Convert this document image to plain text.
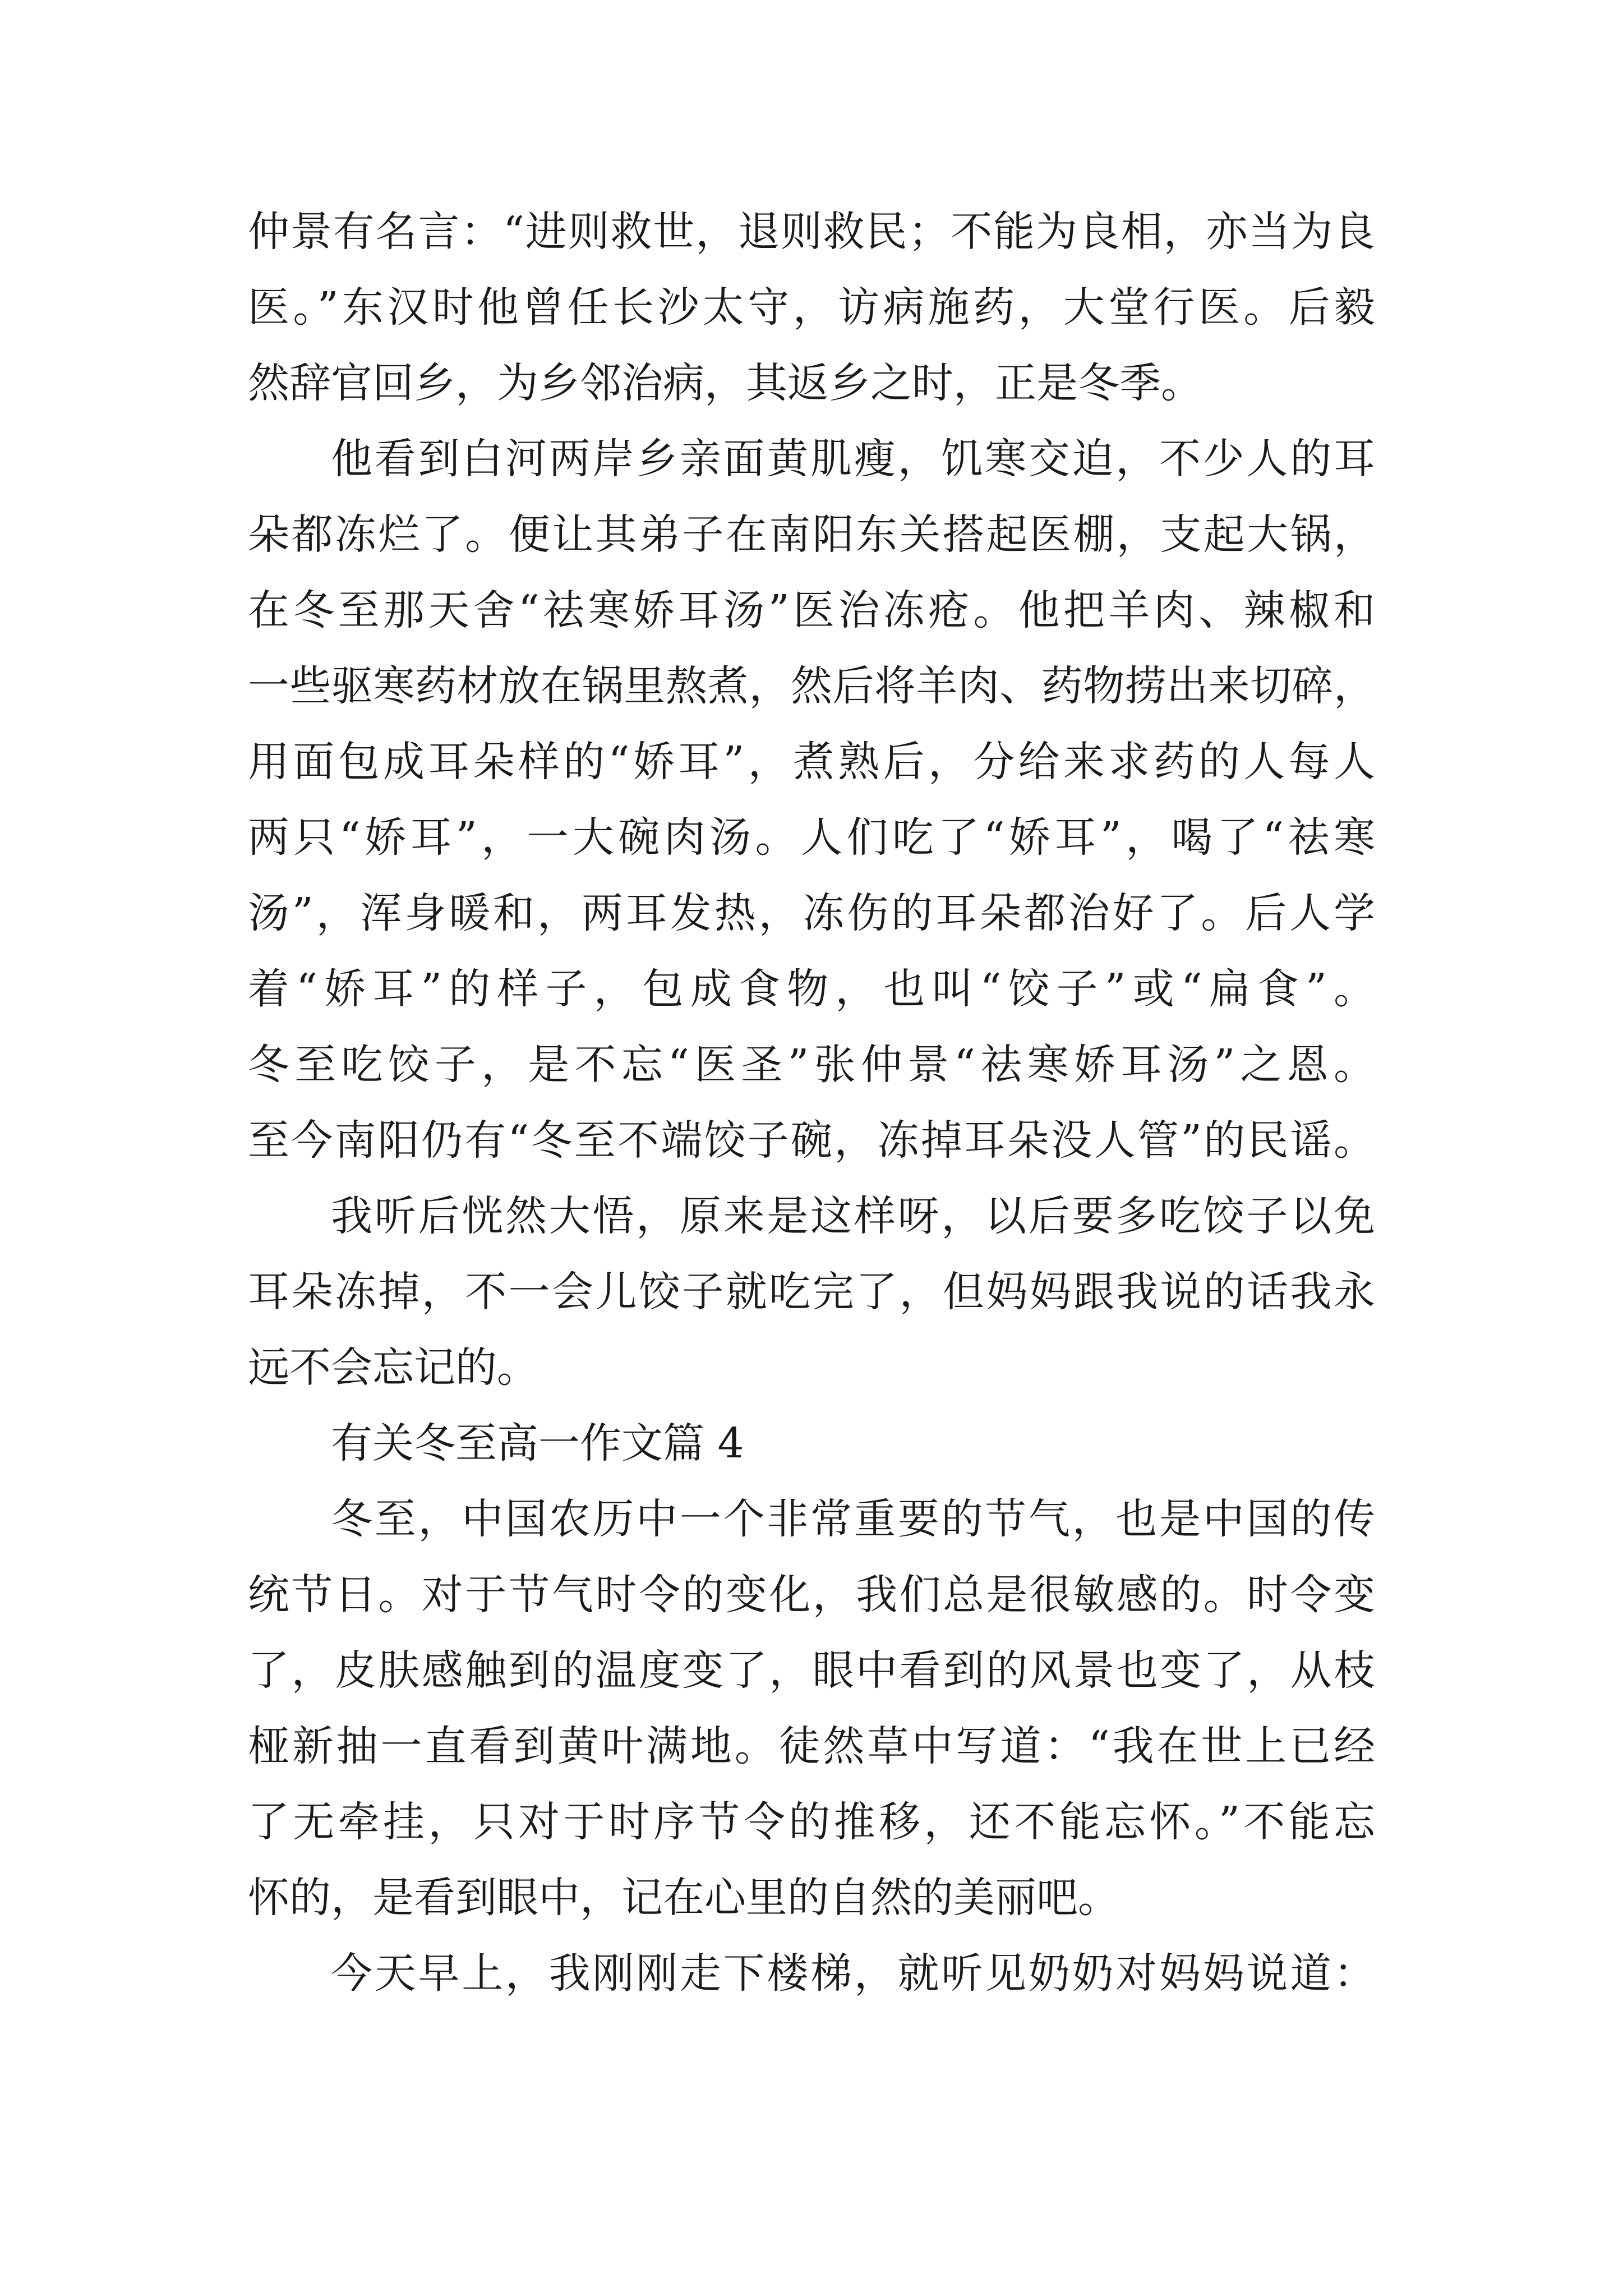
仲景有名言：“进则救世，退则救民；不能为良相，亦当为良
医。”东汉时他曾任长沙太守，访病施药，大堂行医。后毅
然辞官回乡，为乡邻治病，其返乡之时，正是冬季。
他看到白河两岸乡亲面黄肌瘦，饥寒交迫，不少人的耳
朵都冻烂了。便让其弟子在南阳东关搭起医棚，支起大锅，
在冬至那天舍“祛寒娇耳汤”医治冻疮。他把羊肉、辣椒和
一些驱寒药材放在锅里熬煮，然后将羊肉、药物捞出来切碎，
用面包成耳朵样的“娇耳”，煮熟后，分给来求药的人每人
两只“娇耳”，一大碗肉汤。人们吃了“娇耳”，喝了“祛寒
汤”，浑身暖和，两耳发热，冻伤的耳朵都治好了。后人学
着“娇耳”的样子，包成食物，也叫“饺子”或“扁食”。
冬至吃饺子，是不忘“医圣”张仲景“祛寒娇耳汤”之恩。
至今南阳仍有“冬至不端饺子碗，冻掉耳朵没人管”的民谣。
我听后恍然大悟，原来是这样呀，以后要多吃饺子以免
耳朵冻掉，不一会儿饺子就吃完了，但妈妈跟我说的话我永
远不会忘记的。
有关冬至高一作文篇 4
冬至，中国农历中一个非常重要的节气，也是中国的传
统节日。对于节气时令的变化，我们总是很敏感的。时令变
了，皮肤感触到的温度变了，眼中看到的风景也变了，从枝
桠新抽一直看到黄叶满地。徒然草中写道：“我在世上已经
了无牵挂，只对于时序节令的推移，还不能忘怀。”不能忘
怀的，是看到眼中，记在心里的自然的美丽吧。
今天早上，我刚刚走下楼梯，就听见奶奶对妈妈说道：
